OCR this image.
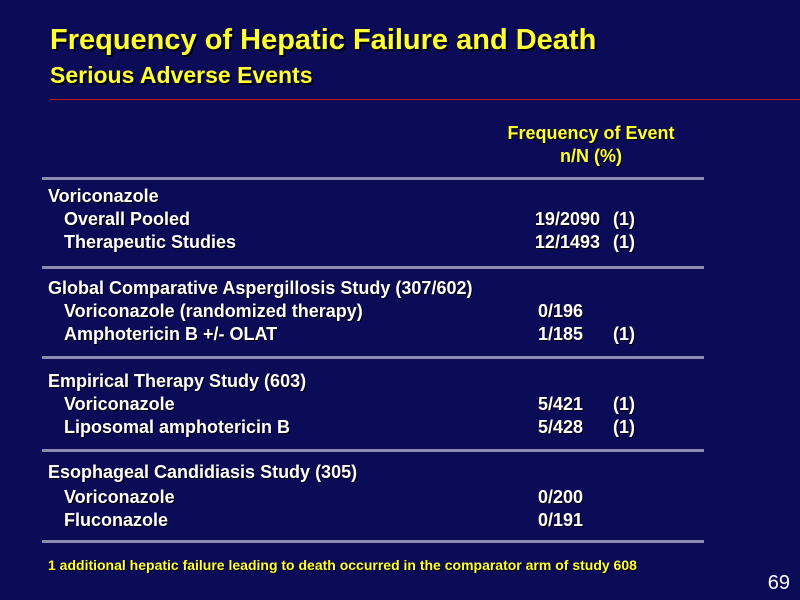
Frequency of Hepatic Failure and Death
Serious Adverse Events
Frequency of Event
n/N (%)
Voriconazole
Overall Pooled	19/2090 (1)
Therapeutic Studies	12/1493 (1)
Global Comparative Aspergillosis Study (307/602)
Voriconazole (randomized therapy)	0/196
Amphotericin B +/- OLAT	1/185 (1)
Empirical Therapy Study (603)
Voriconazole	5/421 (1)
Liposomal amphotericin B	5/428 (1)
Esophageal Candidiasis Study (305)
Voriconazole	0/200
Fluconazole	0/191
1 additional hepatic failure leading to death occurred in the comparator arm of study 608
69
